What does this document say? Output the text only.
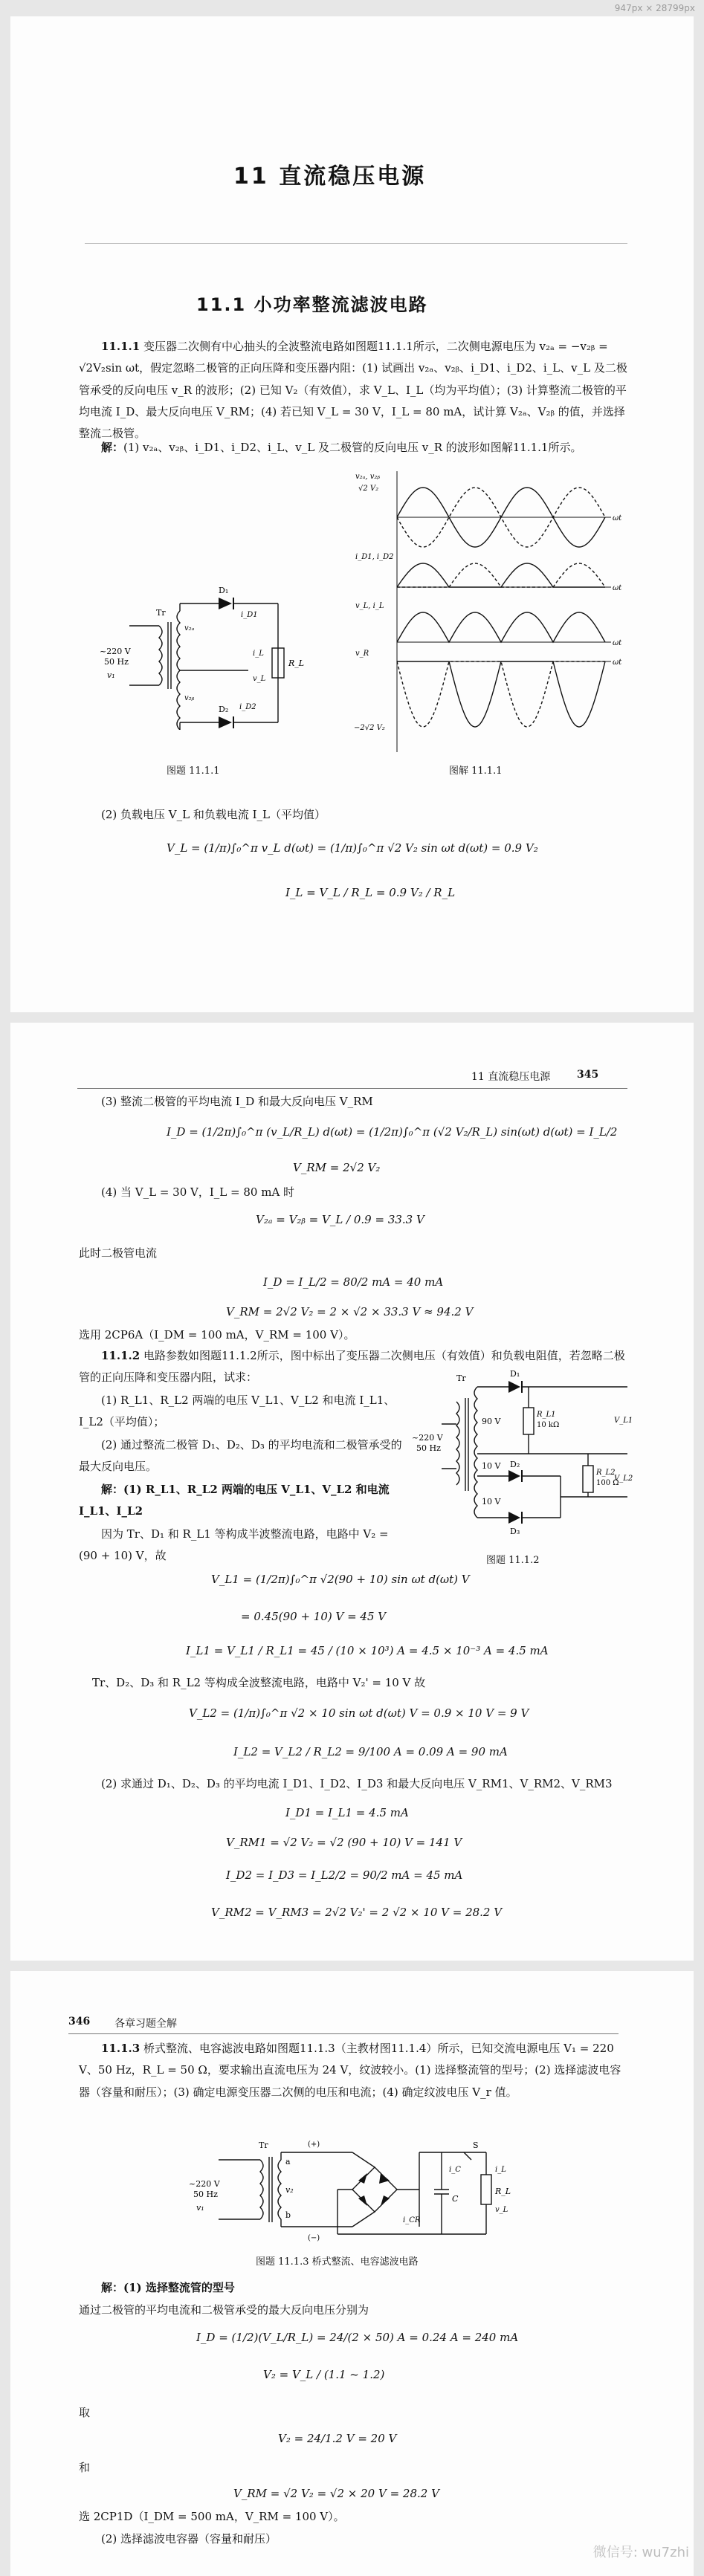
947px × 28799px
11 直流稳压电源
11.1 小功率整流滤波电路
11.1.1 变压器二次侧有中心抽头的全波整流电路如图题11.1.1所示，二次侧电源电压为 v₂ₐ = −v₂ᵦ = √2V₂sin ωt，假定忽略二极管的正向压降和变压器内阻：(1) 试画出 v₂ₐ、v₂ᵦ、i_D1、i_D2、i_L、v_L 及二极管承受的反向电压 v_R 的波形；(2) 已知 V₂（有效值），求 V_L、I_L（均为平均值）；(3) 计算整流二极管的平均电流 I_D、最大反向电压 V_RM；(4) 若已知 V_L = 30 V，I_L = 80 mA，试计算 V₂ₐ、V₂ᵦ 的值，并选择整流二极管。
解：(1) v₂ₐ、v₂ᵦ、i_D1、i_D2、i_L、v_L 及二极管的反向电压 v_R 的波形如图解11.1.1所示。
~220 V
50 Hz
v₁
Tr
D₁
D₂
v₂ₐ
v₂ᵦ
i_D1
i_D2
i_L
v_L
R_L
图题 11.1.1
v₂ₐ, v₂ᵦ
√2 V₂
ωt
i_D1, i_D2
ωt
v_L, i_L
ωt
v_R
ωt
−2√2 V₂
图解 11.1.1
(2) 负载电压 V_L 和负载电流 I_L（平均值）
V_L = (1/π)∫₀^π v_L d(ωt) = (1/π)∫₀^π √2 V₂ sin ωt d(ωt) = 0.9 V₂
I_L = V_L / R_L = 0.9 V₂ / R_L
11 直流稳压电源	345
(3) 整流二极管的平均电流 I_D 和最大反向电压 V_RM
I_D = (1/2π)∫₀^π (v_L/R_L) d(ωt) = (1/2π)∫₀^π (√2 V₂/R_L) sin(ωt) d(ωt) = I_L/2
V_RM = 2√2 V₂
(4) 当 V_L = 30 V，I_L = 80 mA 时
V₂ₐ = V₂ᵦ = V_L / 0.9 = 33.3 V
此时二极管电流
I_D = I_L/2 = 80/2 mA = 40 mA
V_RM = 2√2 V₂ = 2 × √2 × 33.3 V ≈ 94.2 V
选用 2CP6A（I_DM = 100 mA，V_RM = 100 V）。
11.1.2 电路参数如图题11.1.2所示，图中标出了变压器二次侧电压（有效值）和负载电阻值，若忽略二极管的正向压降和变压器内阻，试求：
(1) R_L1、R_L2 两端的电压 V_L1、V_L2 和电流 I_L1、I_L2（平均值）；
(2) 通过整流二极管 D₁、D₂、D₃ 的平均电流和二极管承受的最大反向电压。
解：(1) R_L1、R_L2 两端的电压 V_L1、V_L2 和电流 I_L1、I_L2
因为 Tr、D₁ 和 R_L1 等构成半波整流电路，电路中 V₂ = (90 + 10) V，故
~220 V
50 Hz
Tr
90 V
10 V
10 V
D₁
D₂
D₃
R_L1
10 kΩ
R_L2
100 Ω
V_L1
V_L2
图题 11.1.2
V_L1 = (1/2π)∫₀^π √2(90 + 10) sin ωt d(ωt) V
= 0.45(90 + 10) V = 45 V
I_L1 = V_L1 / R_L1 = 45 / (10 × 10³) A = 4.5 × 10⁻³ A = 4.5 mA
Tr、D₂、D₃ 和 R_L2 等构成全波整流电路，电路中 V₂' = 10 V 故
V_L2 = (1/π)∫₀^π √2 × 10 sin ωt d(ωt) V = 0.9 × 10 V = 9 V
I_L2 = V_L2 / R_L2 = 9/100 A = 0.09 A = 90 mA
(2) 求通过 D₁、D₂、D₃ 的平均电流 I_D1、I_D2、I_D3 和最大反向电压 V_RM1、V_RM2、V_RM3
I_D1 = I_L1 = 4.5 mA
V_RM1 = √2 V₂ = √2 (90 + 10) V = 141 V
I_D2 = I_D3 = I_L2/2 = 90/2 mA = 45 mA
V_RM2 = V_RM3 = 2√2 V₂' = 2 √2 × 10 V = 28.2 V
346 各章习题全解
11.1.3 桥式整流、电容滤波电路如图题11.1.3（主教材图11.1.4）所示，已知交流电源电压 V₁ = 220 V、50 Hz，R_L = 50 Ω，要求输出直流电压为 24 V，纹波较小。(1) 选择整流管的型号；(2) 选择滤波电容器（容量和耐压）；(3) 确定电源变压器二次侧的电压和电流；(4) 确定纹波电压 V_r 值。
~220 V
50 Hz
v₁
Tr
v₂
a
b
(+)
(−)
C
i_C
i_CR
S
R_L
v_L
i_L
图题 11.1.3 桥式整流、电容滤波电路
解：(1) 选择整流管的型号
通过二极管的平均电流和二极管承受的最大反向电压分别为
I_D = (1/2)(V_L/R_L) = 24/(2 × 50) A = 0.24 A = 240 mA
V₂ = V_L / (1.1 ~ 1.2)
取
V₂ = 24/1.2 V = 20 V
和
V_RM = √2 V₂ = √2 × 20 V = 28.2 V
选 2CP1D（I_DM = 500 mA，V_RM = 100 V）。
(2) 选择滤波电容器（容量和耐压）
微信号: wu7zhi
